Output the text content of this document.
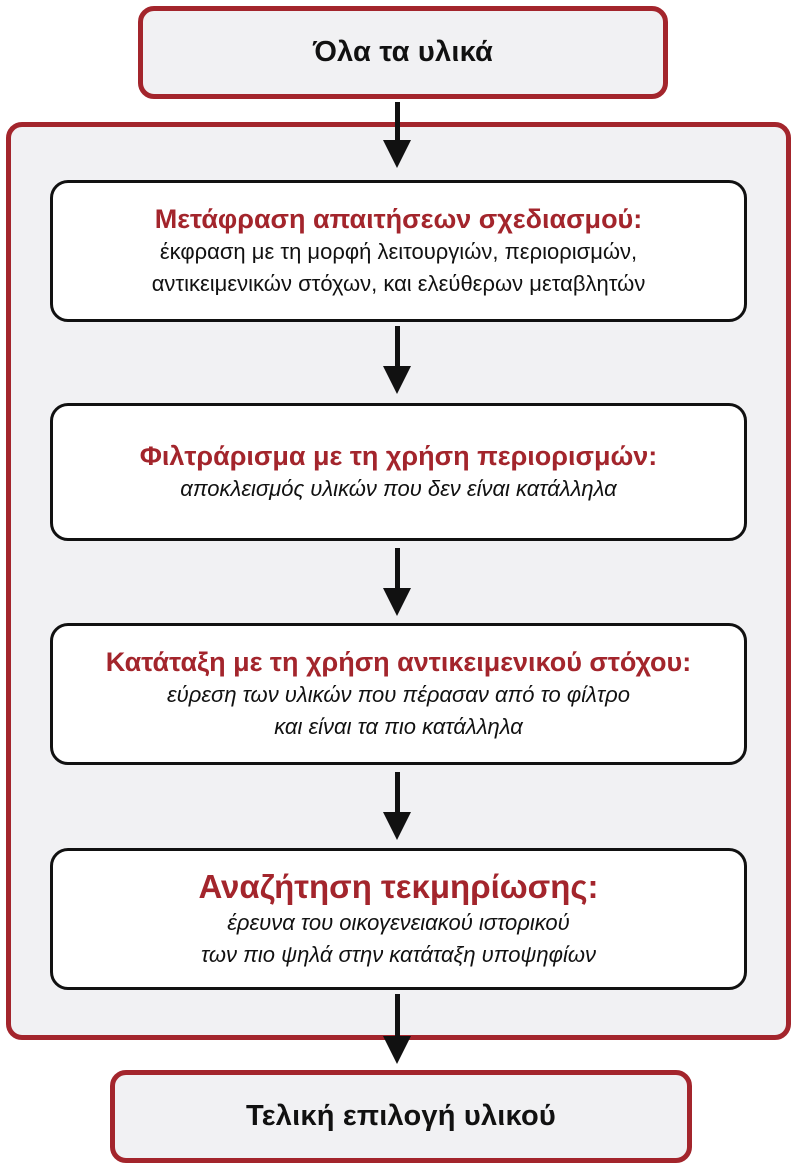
Όλα τα υλικά
Μετάφραση απαιτήσεων σχεδιασμού:
έκφραση με τη μορφή λειτουργιών, περιορισμών,
αντικειμενικών στόχων, και ελεύθερων μεταβλητών
Φιλτράρισμα με τη χρήση περιορισμών:
αποκλεισμός υλικών που δεν είναι κατάλληλα
Κατάταξη με τη χρήση αντικειμενικού στόχου:
εύρεση των υλικών που πέρασαν από το φίλτρο
και είναι τα πιο κατάλληλα
Αναζήτηση τεκμηρίωσης:
έρευνα του οικογενειακού ιστορικού
των πιο ψηλά στην κατάταξη υποψηφίων
Τελική επιλογή υλικού
